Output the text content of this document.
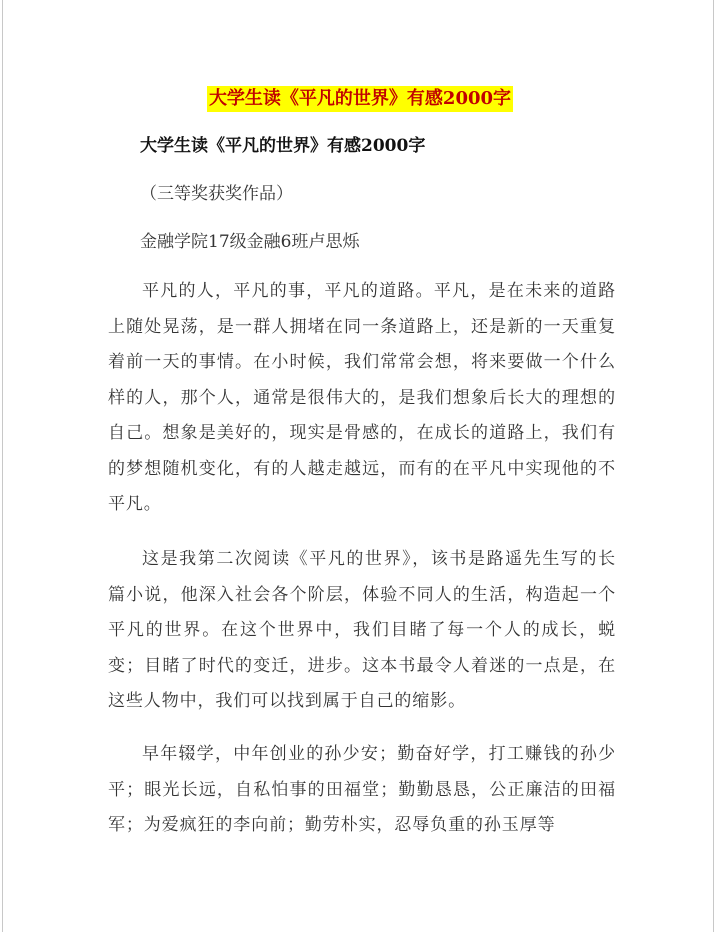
大学生读《平凡的世界》有感2000字
大学生读《平凡的世界》有感2000字
（三等奖获奖作品）
金融学院17级金融6班卢思烁

平凡的人，平凡的事，平凡的道路。平凡，是在未来的道路上随处晃荡，是一群人拥堵在同一条道路上，还是新的一天重复着前一天的事情。在小时候，我们常常会想，将来要做一个什么样的人，那个人，通常是很伟大的，是我们想象后长大的理想的自己。想象是美好的，现实是骨感的，在成长的道路上，我们有的梦想随机变化，有的人越走越远，而有的在平凡中实现他的不平凡。

这是我第二次阅读《平凡的世界》，该书是路遥先生写的长篇小说，他深入社会各个阶层，体验不同人的生活，构造起一个平凡的世界。在这个世界中，我们目睹了每一个人的成长，蜕变；目睹了时代的变迁，进步。这本书最令人着迷的一点是，在这些人物中，我们可以找到属于自己的缩影。

早年辍学，中年创业的孙少安；勤奋好学，打工赚钱的孙少平；眼光长远，自私怕事的田福堂；勤勤恳恳，公正廉洁的田福军；为爱疯狂的李向前；勤劳朴实，忍辱负重的孙玉厚等
